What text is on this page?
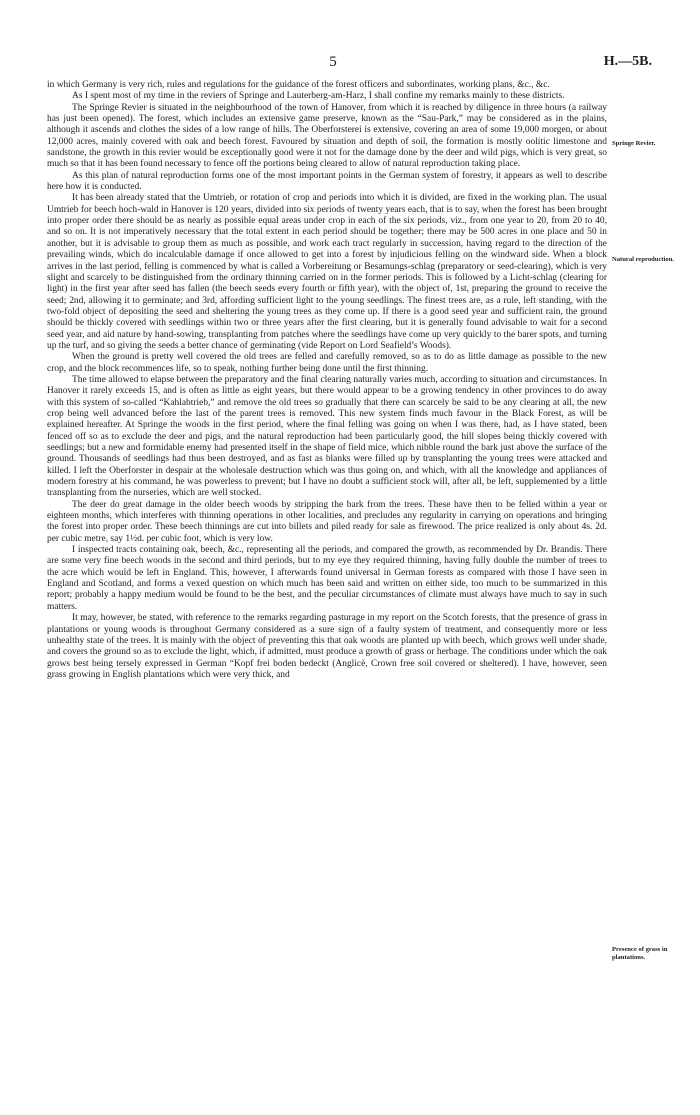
5	H.—5B.

in which Germany is very rich, rules and regulations for the guidance of the forest officers and subordinates, working plans, &c., &c.

As I spent most of my time in the reviers of Springe and Lauterberg-am-Harz, I shall confine my remarks mainly to these districts.

The Springe Revier is situated in the neighbourhood of the town of Hanover, from which it is reached by diligence in three hours (a railway has just been opened). The forest, which includes an extensive game preserve, known as the “Sau-Park,” may be considered as in the plains, although it ascends and clothes the sides of a low range of hills. The Oberforsterei is extensive, covering an area of some 19,000 morgen, or about 12,000 acres, mainly covered with oak and beech forest. Favoured by situation and depth of soil, the formation is mostly oolitic limestone and sandstone, the growth in this revier would be exceptionally good were it not for the damage done by the deer and wild pigs, which is very great, so much so that it has been found necessary to fence off the portions being cleared to allow of natural reproduction taking place.

As this plan of natural reproduction forms one of the most important points in the German system of forestry, it appears as well to describe here how it is conducted.

It has been already stated that the Umtrieb, or rotation of crop and periods into which it is divided, are fixed in the working plan. The usual Umtrieb for beech hoch-wald in Hanover is 120 years, divided into six periods of twenty years each, that is to say, when the forest has been brought into proper order there should be as nearly as possible equal areas under crop in each of the six periods, viz., from one year to 20, from 20 to 40, and so on. It is not imperatively necessary that the total extent in each period should be together; there may be 500 acres in one place and 50 in another, but it is advisable to group them as much as possible, and work each tract regularly in succession, having regard to the direction of the prevailing winds, which do incalculable damage if once allowed to get into a forest by injudicious felling on the windward side. When a block arrives in the last period, felling is commenced by what is called a Vorbereitung or Besamungs-schlag (preparatory or seed-clearing), which is very slight and scarcely to be distinguished from the ordinary thinning carried on in the former periods. This is followed by a Licht-schlag (clearing for light) in the first year after seed has fallen (the beech seeds every fourth or fifth year), with the object of, 1st, preparing the ground to receive the seed; 2nd, allowing it to germinate; and 3rd, affording sufficient light to the young seedlings. The finest trees are, as a rule, left standing, with the two-fold object of depositing the seed and sheltering the young trees as they come up. If there is a good seed year and sufficient rain, the ground should be thickly covered with seedlings within two or three years after the first clearing, but it is generally found advisable to wait for a second seed year, and aid nature by hand-sowing, transplanting from patches where the seedlings have come up very quickly to the barer spots, and turning up the turf, and so giving the seeds a better chance of germinating (vide Report on Lord Seafield’s Woods).

When the ground is pretty well covered the old trees are felled and carefully removed, so as to do as little damage as possible to the new crop, and the block recommences life, so to speak, nothing further being done until the first thinning.

The time allowed to elapse between the preparatory and the final clearing naturally varies much, according to situation and circumstances. In Hanover it rarely exceeds 15, and is often as little as eight years, but there would appear to be a growing tendency in other provinces to do away with this system of so-called “Kahlabtrieb,” and remove the old trees so gradually that there can scarcely be said to be any clearing at all, the new crop being well advanced before the last of the parent trees is removed. This new system finds much favour in the Black Forest, as will be explained hereafter. At Springe the woods in the first period, where the final felling was going on when I was there, had, as I have stated, been fenced off so as to exclude the deer and pigs, and the natural reproduction had been particularly good, the hill slopes being thickly covered with seedlings; but a new and formidable enemy had presented itself in the shape of field mice, which nibble round the bark just above the surface of the ground. Thousands of seedlings had thus been destroyed, and as fast as blanks were filled up by transplanting the young trees were attacked and killed. I left the Oberforster in despair at the wholesale destruction which was thus going on, and which, with all the knowledge and appliances of modern forestry at his command, he was powerless to prevent; but I have no doubt a sufficient stock will, after all, be left, supplemented by a little transplanting from the nurseries, which are well stocked.

The deer do great damage in the older beech woods by stripping the bark from the trees. These have then to be felled within a year or eighteen months, which interferes with thinning operations in other localities, and precludes any regularity in carrying on operations and bringing the forest into proper order. These beech thinnings are cut into billets and piled ready for sale as firewood. The price realized is only about 4s. 2d. per cubic metre, say 1½d. per cubic foot, which is very low.

I inspected tracts containing oak, beech, &c., representing all the periods, and compared the growth, as recommended by Dr. Brandis. There are some very fine beech woods in the second and third periods, but to my eye they required thinning, having fully double the number of trees to the acre which would be left in England. This, however, I afterwards found universal in German forests as compared with those I have seen in England and Scotland, and forms a vexed question on which much has been said and written on either side, too much to be summarized in this report; probably a happy medium would be found to be the best, and the peculiar circumstances of climate must always have much to say in such matters.

It may, however, be stated, with reference to the remarks regarding pasturage in my report on the Scotch forests, that the presence of grass in plantations or young woods is throughout Germany considered as a sure sign of a faulty system of treatment, and consequently more or less unhealthy state of the trees. It is mainly with the object of preventing this that oak woods are planted up with beech, which grows well under shade, and covers the ground so as to exclude the light, which, if admitted, must produce a growth of grass or herbage. The conditions under which the oak grows best being tersely expressed in German “Kopf frei boden bedeckt (Anglicè, Crown free soil covered or sheltered). I have, however, seen grass growing in English plantations which were very thick, and

Springe Revier.
Natural reproduction.
Presence of grass in plantations.
